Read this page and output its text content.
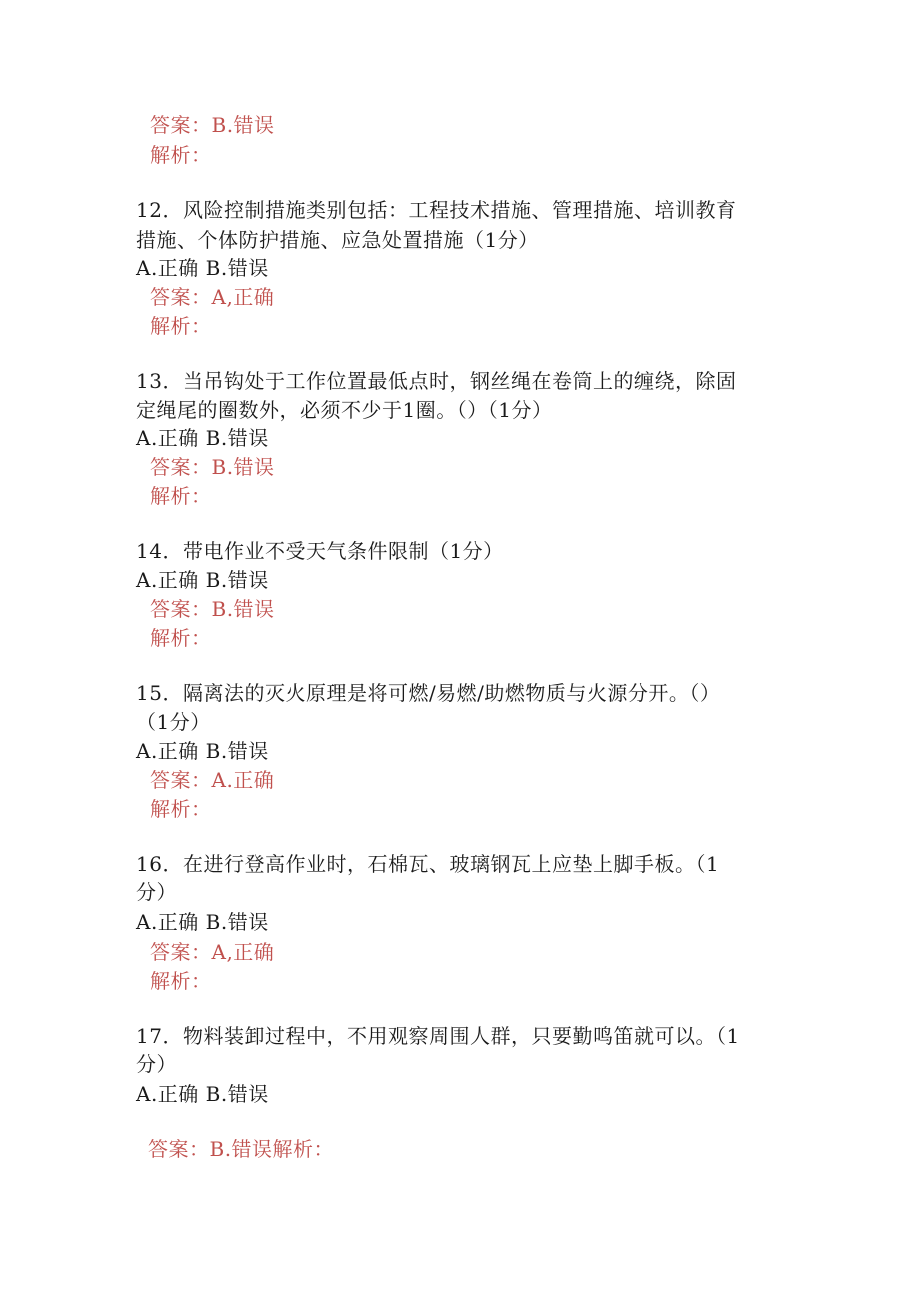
答案：B.错误
解析：
12．风险控制措施类别包括：工程技术措施、管理措施、培训教育
措施、个体防护措施、应急处置措施（1分）
A.正确 B.错误
答案：A,正确
解析：
13．当吊钩处于工作位置最低点时，钢丝绳在卷筒上的缠绕，除固
定绳尾的圈数外，必须不少于1圈。（）（1分）
A.正确 B.错误
答案：B.错误
解析：
14．带电作业不受天气条件限制（1分）
A.正确 B.错误
答案：B.错误
解析：
15．隔离法的灭火原理是将可燃/易燃/助燃物质与火源分开。（）
（1分）
A.正确 B.错误
答案：A.正确
解析：
16．在进行登高作业时，石棉瓦、玻璃钢瓦上应垫上脚手板。（1
分）
A.正确 B.错误
答案：A,正确
解析：
17．物料装卸过程中，不用观察周围人群，只要勤鸣笛就可以。（1
分）
A.正确 B.错误
答案：B.错误解析：
